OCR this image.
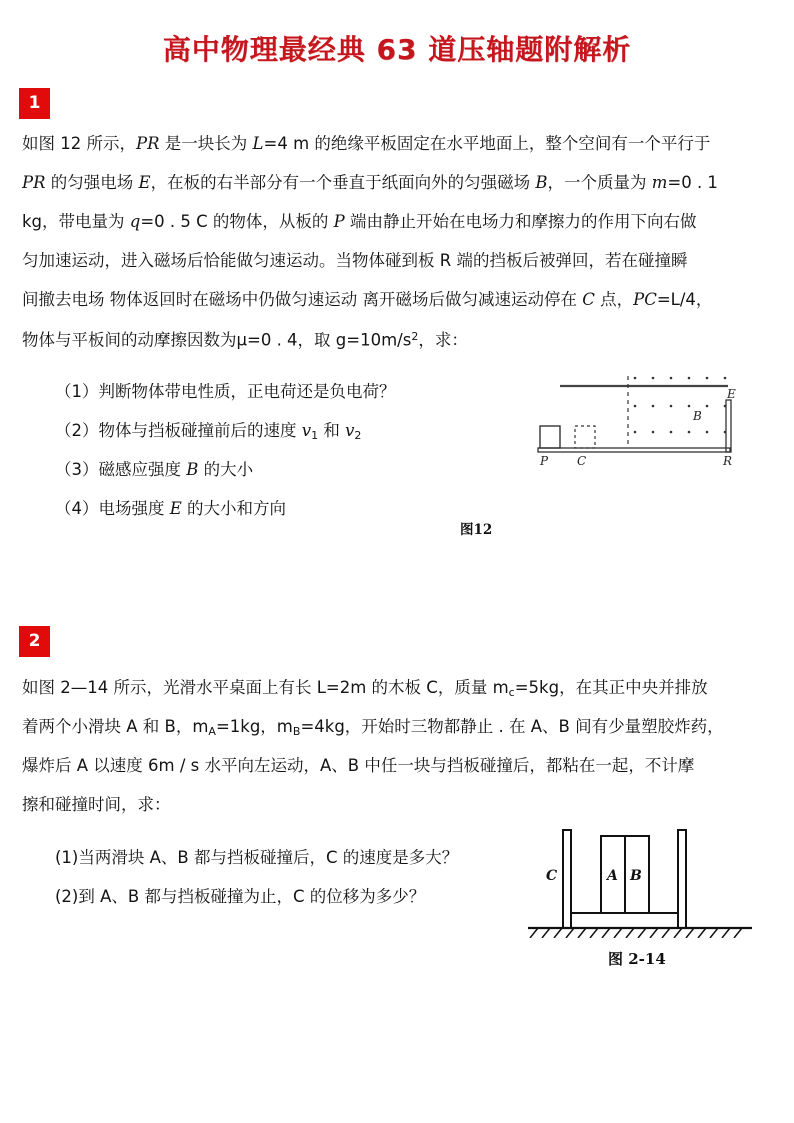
高中物理最经典 63 道压轴题附解析
1
如图 12 所示，PR 是一块长为 L=4 m 的绝缘平板固定在水平地面上，整个空间有一个平行于
PR 的匀强电场 E，在板的右半部分有一个垂直于纸面向外的匀强磁场 B，一个质量为 m=0 . 1
kg，带电量为 q=0 . 5 C 的物体，从板的 P 端由静止开始在电场力和摩擦力的作用下向右做
匀加速运动，进入磁场后恰能做匀速运动。当物体碰到板 R 端的挡板后被弹回，若在碰撞瞬
间撤去电场 物体返回时在磁场中仍做匀速运动 离开磁场后做匀减速运动停在 C 点，PC=L/4，
物体与平板间的动摩擦因数为μ=0 . 4，取 $g=10m/s^2$，求：
（1）判断物体带电性质，正电荷还是负电荷？
（2）物体与挡板碰撞前后的速度 $v_1$ 和 $v_2$
（3）磁感应强度 B 的大小
（4）电场强度 E 的大小和方向
P C	R
E
B
图12
2
如图 2—14 所示，光滑水平桌面上有长 L=2m 的木板 C，质量 $m_c=5kg$，在其正中央并排放
着两个小滑块 A 和 B，$m_A=1kg$，$m_B=4kg$，开始时三物都静止 . 在 A、B 间有少量塑胶炸药，
爆炸后 A 以速度 6m / s 水平向左运动，A、B 中任一块与挡板碰撞后，都粘在一起，不计摩
擦和碰撞时间，求：
(1)当两滑块 A、B 都与挡板碰撞后，C 的速度是多大？
(2)到 A、B 都与挡板碰撞为止，C 的位移为多少？
C	A B
图 2-14
